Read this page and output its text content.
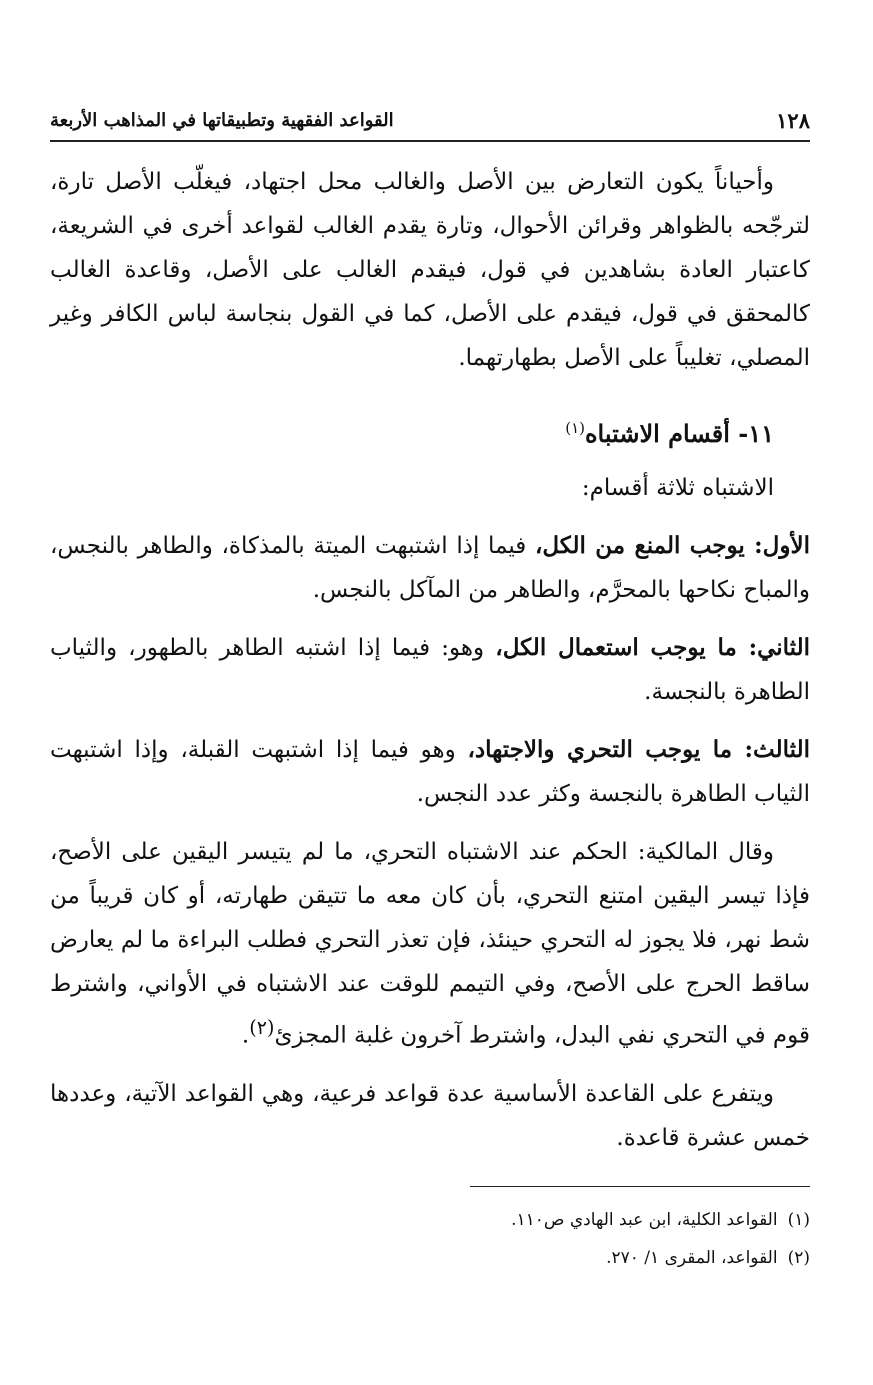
١٢٨
القواعد الفقهية وتطبيقاتها في المذاهب الأربعة

وأحياناً يكون التعارض بين الأصل والغالب محل اجتهاد، فيغلّب الأصل تارة، لترجّحه بالظواهر وقرائن الأحوال، وتارة يقدم الغالب لقواعد أخرى في الشريعة، كاعتبار العادة بشاهدين في قول، فيقدم الغالب على الأصل، وقاعدة الغالب كالمحقق في قول، فيقدم على الأصل، كما في القول بنجاسة لباس الكافر وغير المصلي، تغليباً على الأصل بطهارتهما.

١١- أقسام الاشتباه$^{(١)}$

الاشتباه ثلاثة أقسام:

الأول: يوجب المنع من الكل، فيما إذا اشتبهت الميتة بالمذكاة، والطاهر بالنجس، والمباح نكاحها بالمحرَّم، والطاهر من المآكل بالنجس.

الثاني: ما يوجب استعمال الكل، وهو: فيما إذا اشتبه الطاهر بالطهور، والثياب الطاهرة بالنجسة.

الثالث: ما يوجب التحري والاجتهاد، وهو فيما إذا اشتبهت القبلة، وإذا اشتبهت الثياب الطاهرة بالنجسة وكثر عدد النجس.

وقال المالكية: الحكم عند الاشتباه التحري، ما لم يتيسر اليقين على الأصح، فإذا تيسر اليقين امتنع التحري، بأن كان معه ما تتيقن طهارته، أو كان قريباً من شط نهر، فلا يجوز له التحري حينئذ، فإن تعذر التحري فطلب البراءة ما لم يعارض ساقط الحرج على الأصح، وفي التيمم للوقت عند الاشتباه في الأواني، واشترط قوم في التحري نفي البدل، واشترط آخرون غلبة المجزئ$^{(٢)}$.

ويتفرع على القاعدة الأساسية عدة قواعد فرعية، وهي القواعد الآتية، وعددها خمس عشرة قاعدة.

(١)القواعد الكلية، ابن عبد الهادي ص١١٠.
(٢)القواعد، المقرى ١/ ٢٧٠.
